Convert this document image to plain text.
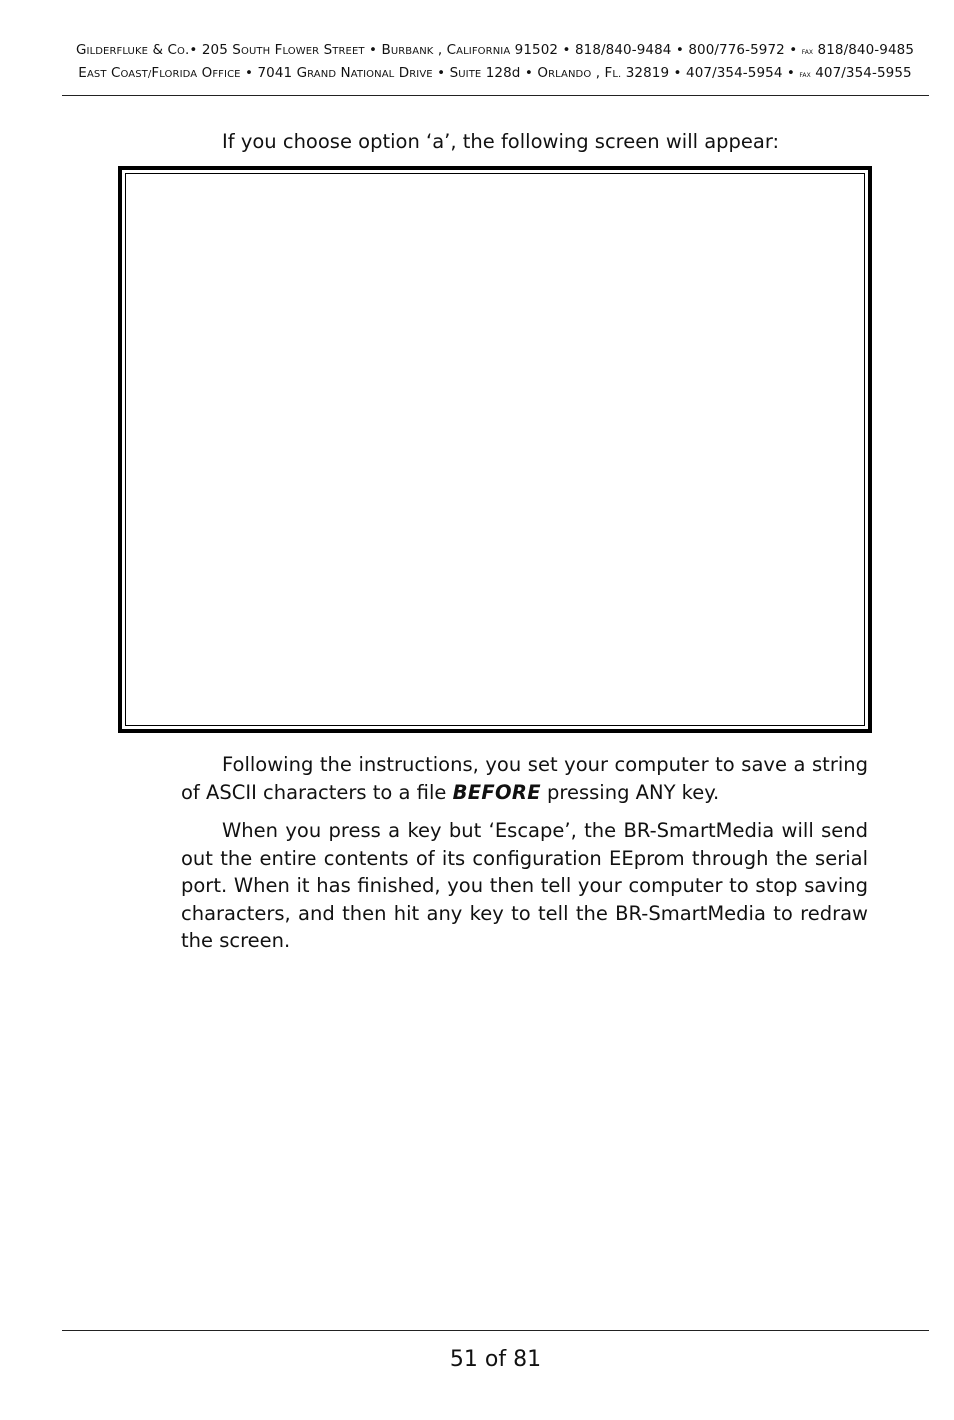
GILDERFLUKE & CO.• 205 SOUTH FLOWER STREET • BURBANK , CALIFORNIA 91502 • 818/840-9484 • 800/776-5972 • fax 818/840-9485
EAST COAST/FLORIDA OFFICE • 7041 GRAND NATIONAL DRIVE • SUITE 128d • ORLANDO , FL. 32819 • 407/354-5954 • fax 407/354-5955
If you choose option ‘a’, the following screen will appear:

Following the instructions, you set your computer to save a string of ASCII characters to a file BEFORE pressing ANY key.

When you press a key but ‘Escape’, the BR-SmartMedia will send out the entire contents of its configuration EEprom through the serial port. When it has finished, you then tell your computer to stop saving characters, and then hit any key to tell the BR-SmartMedia to redraw the screen.

51 of 81
